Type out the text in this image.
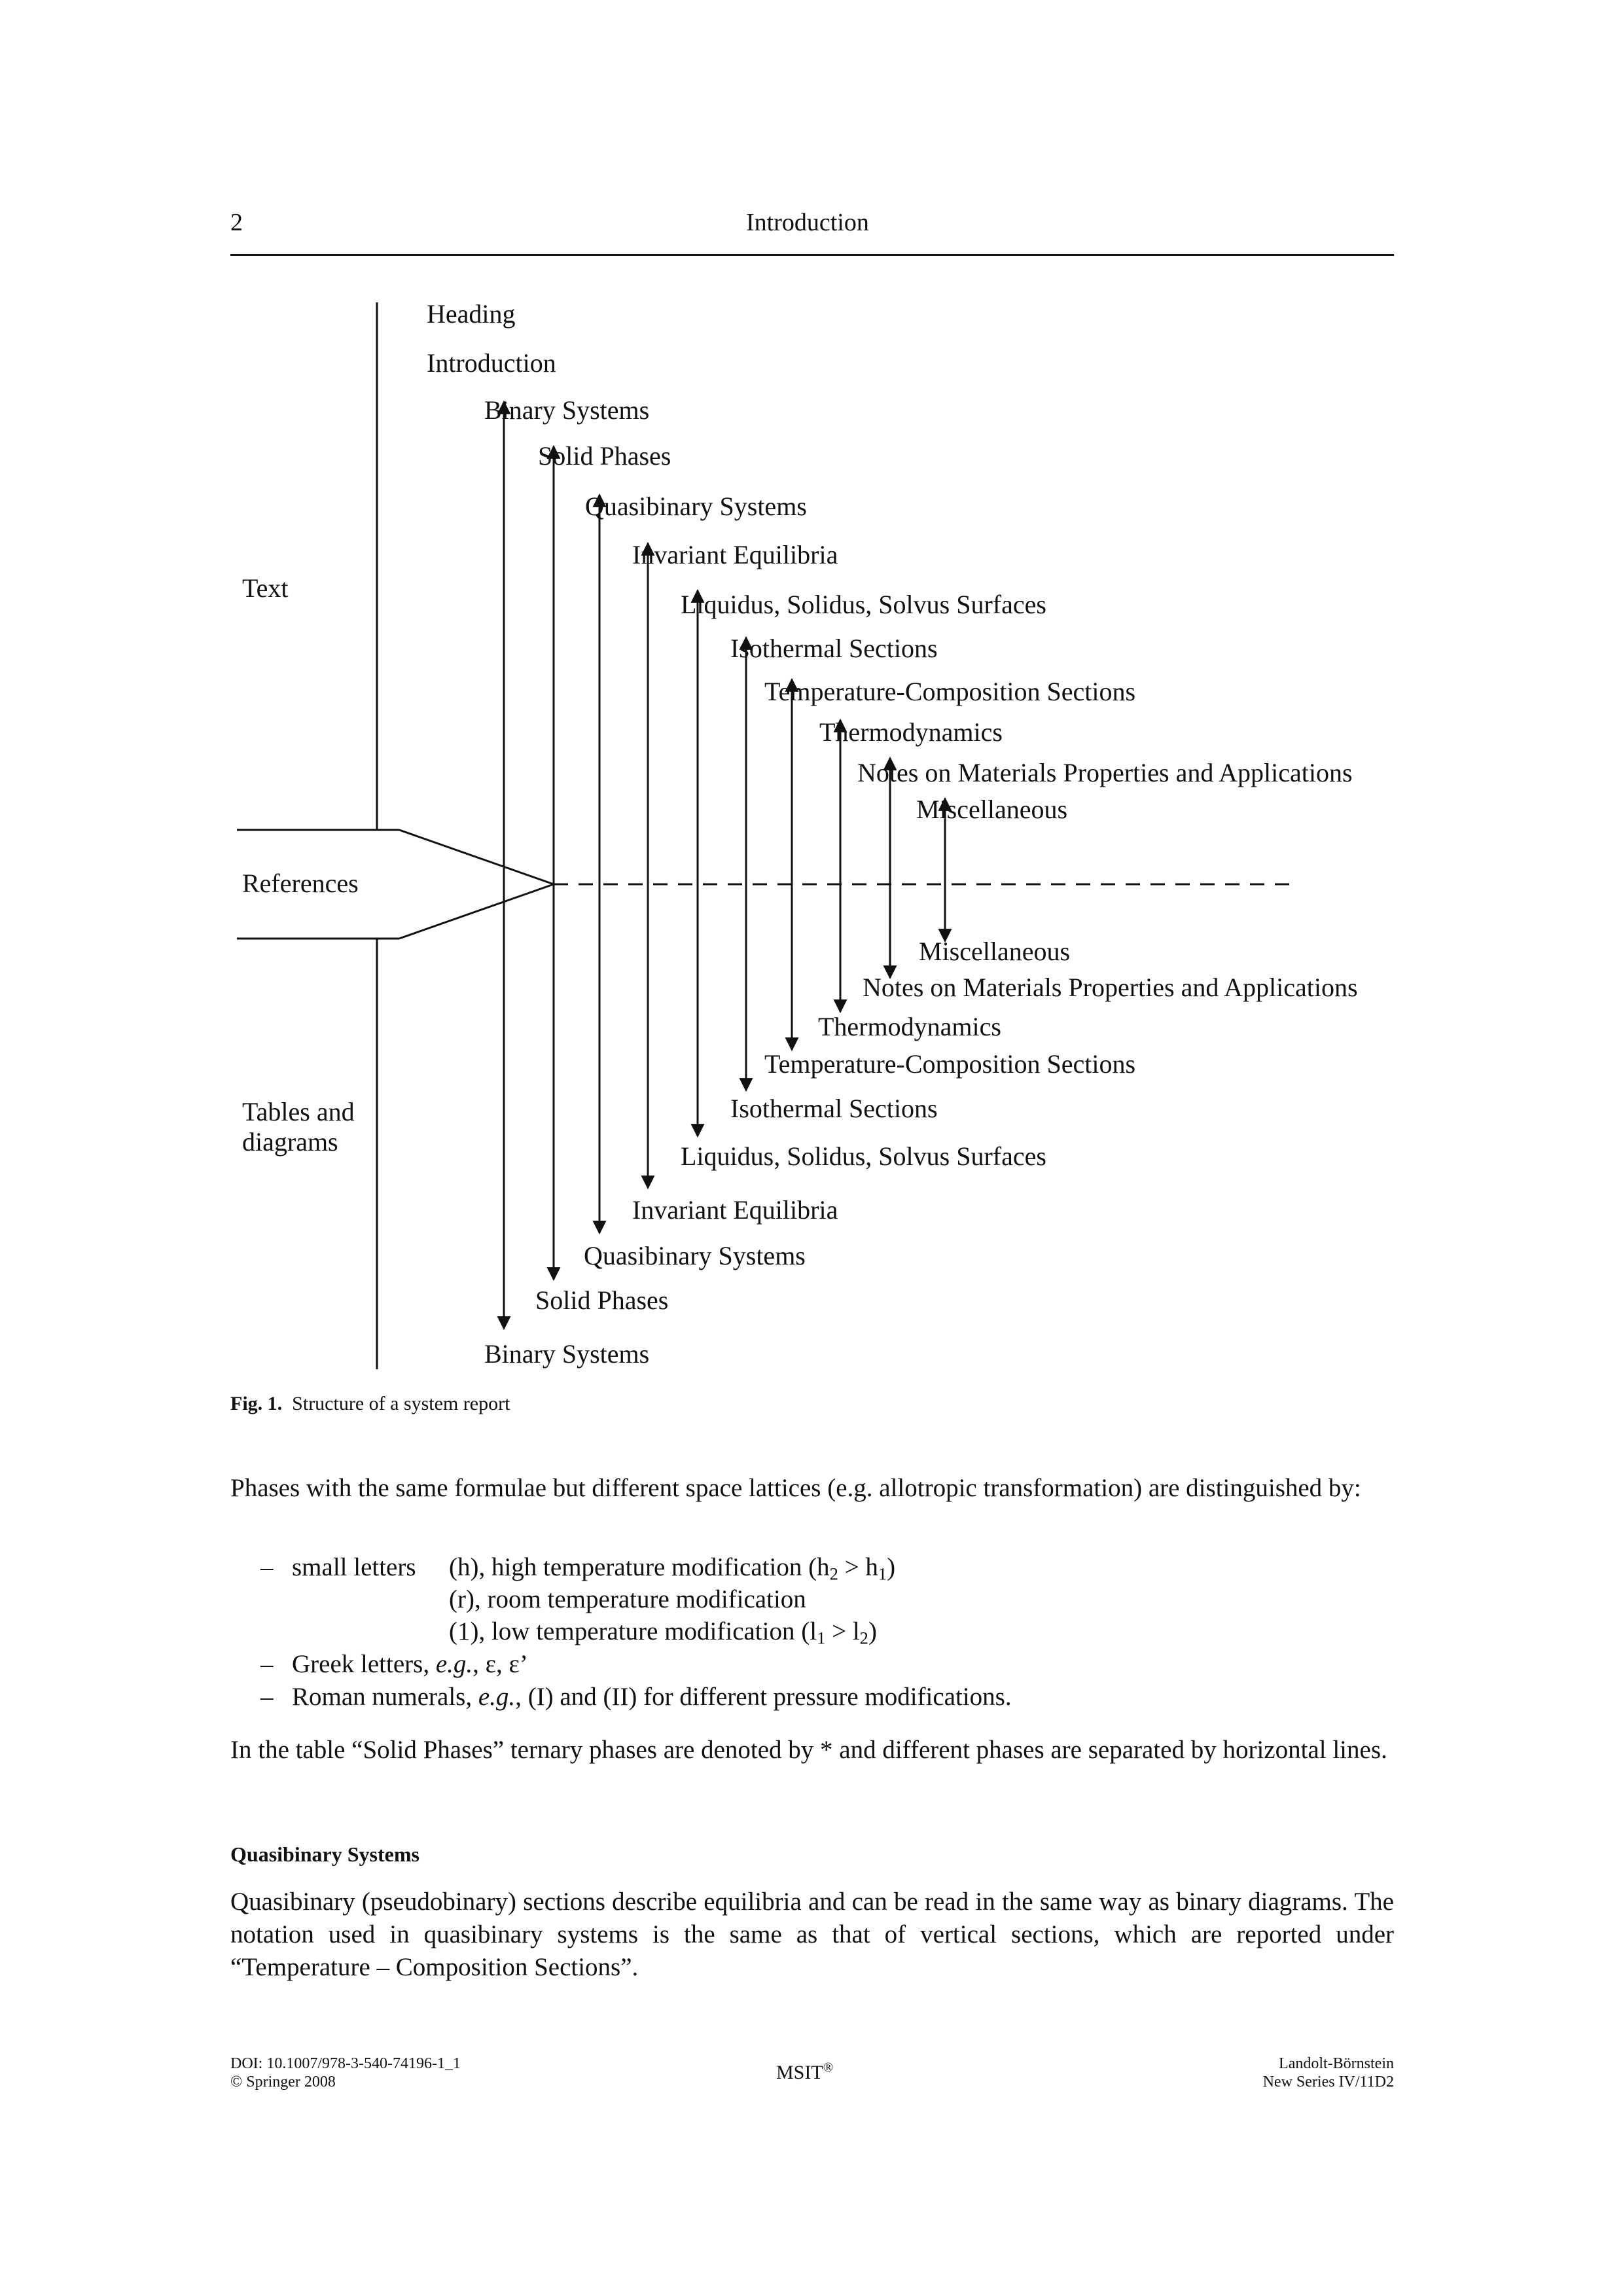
2	Introduction
Text
References
Tables and
diagrams
Heading
Introduction
Binary Systems
Solid Phases
Quasibinary Systems
Invariant Equilibria
Liquidus, Solidus, Solvus Surfaces
Isothermal Sections
Temperature-Composition Sections
Thermodynamics
Notes on Materials Properties and Applications
Miscellaneous
Miscellaneous
Notes on Materials Properties and Applications
Thermodynamics
Temperature-Composition Sections
Isothermal Sections
Liquidus, Solidus, Solvus Surfaces
Invariant Equilibria
Quasibinary Systems
Solid Phases
Binary Systems
Fig. 1. Structure of a system report
Phases with the same formulae but different space lattices (e.g. allotropic transformation) are distinguished by:
– small letters (h), high temperature modification $(h_2 > h_1)$
(r), room temperature modification
(1), low temperature modification $(l_1 > l_2)$
– Greek letters, e.g., ε, ε’
– Roman numerals, e.g., (I) and (II) for different pressure modifications.
In the table “Solid Phases” ternary phases are denoted by * and different phases are separated by horizontal lines.
Quasibinary Systems
Quasibinary (pseudobinary) sections describe equilibria and can be read in the same way as binary diagrams. The notation used in quasibinary systems is the same as that of vertical sections, which are reported under “Temperature – Composition Sections”.
DOI: 10.1007/978-3-540-74196-1_1
© Springer 2008	MSIT®	Landolt-Börnstein
New Series IV/11D2
